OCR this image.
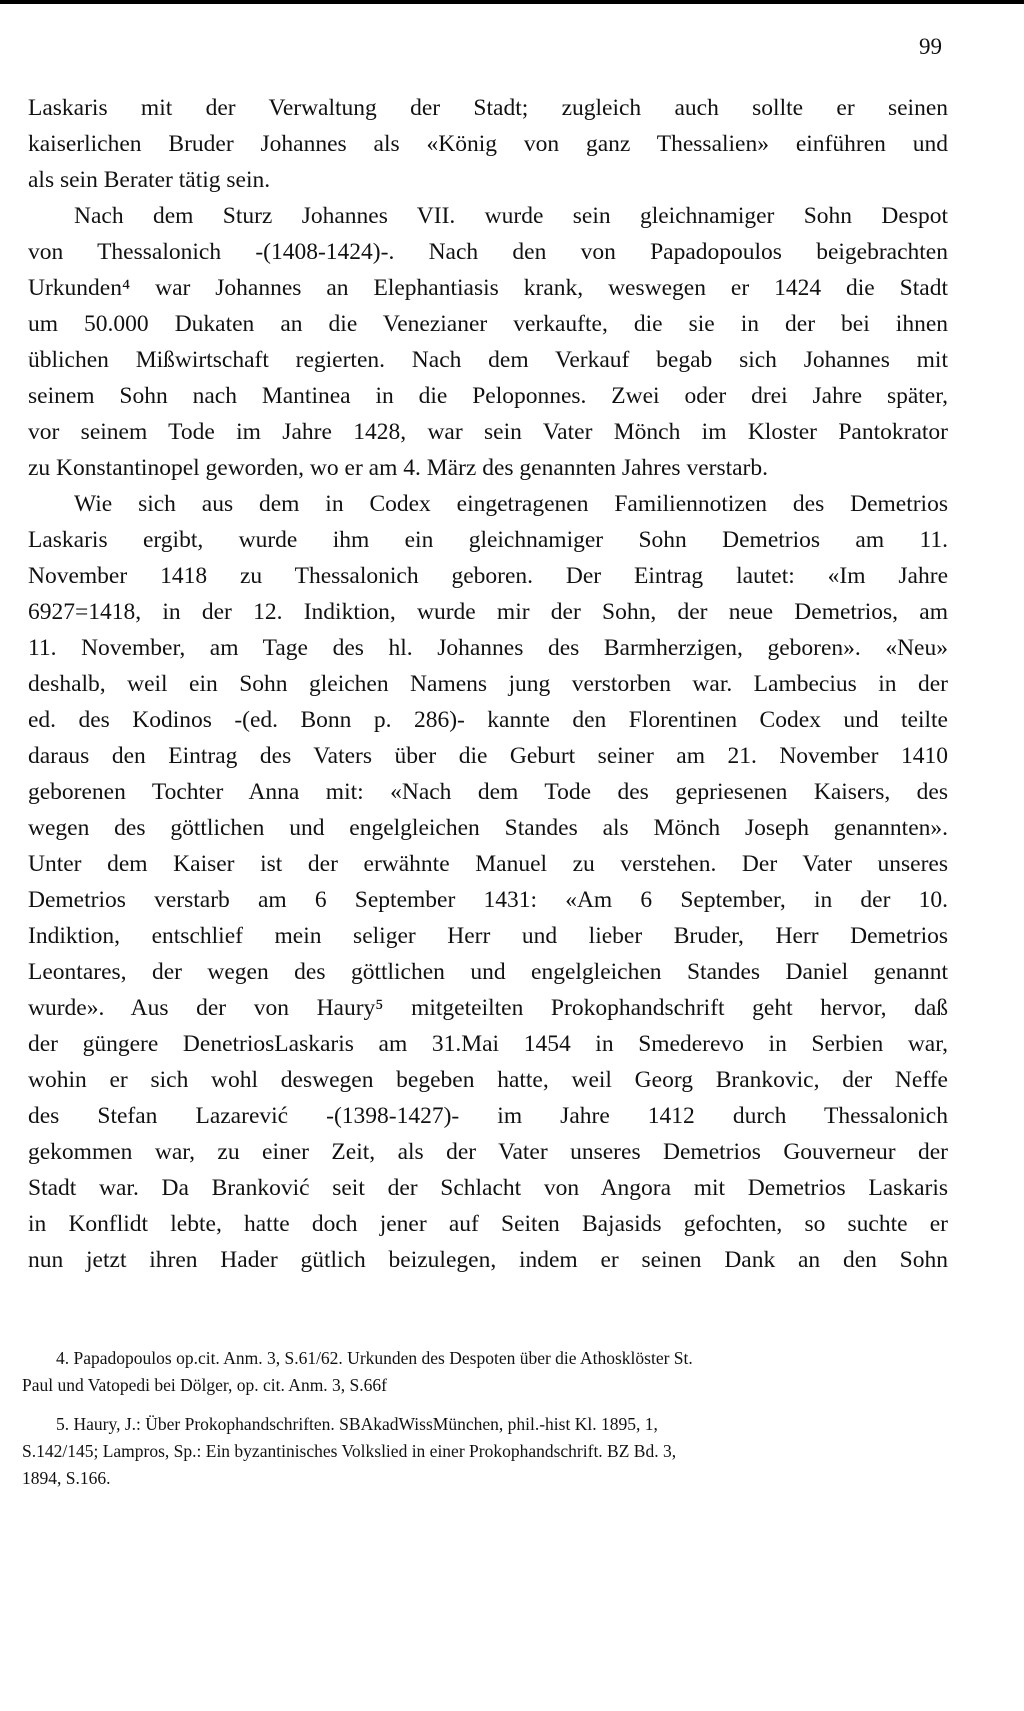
99
Laskaris mit der Verwaltung der Stadt; zugleich auch sollte er seinen
kaiserlichen Bruder Johannes als «König von ganz Thessalien» einführen und
als sein Berater tätig sein.
Nach dem Sturz Johannes VII. wurde sein gleichnamiger Sohn Despot
von Thessalonich -(1408-1424)-. Nach den von Papadopoulos beigebrachten
Urkunden⁴ war Johannes an Elephantiasis krank, weswegen er 1424 die Stadt
um 50.000 Dukaten an die Venezianer verkaufte, die sie in der bei ihnen
üblichen Mißwirtschaft regierten. Nach dem Verkauf begab sich Johannes mit
seinem Sohn nach Mantinea in die Peloponnes. Zwei oder drei Jahre später,
vor seinem Tode im Jahre 1428, war sein Vater Mönch im Kloster Pantokrator
zu Konstantinopel geworden, wo er am 4. März des genannten Jahres verstarb.
Wie sich aus dem in Codex eingetragenen Familiennotizen des Demetrios
Laskaris ergibt, wurde ihm ein gleichnamiger Sohn Demetrios am 11.
November 1418 zu Thessalonich geboren. Der Eintrag lautet: «Im Jahre
6927=1418, in der 12. Indiktion, wurde mir der Sohn, der neue Demetrios, am
11. November, am Tage des hl. Johannes des Barmherzigen, geboren». «Neu»
deshalb, weil ein Sohn gleichen Namens jung verstorben war. Lambecius in der
ed. des Kodinos -(ed. Bonn p. 286)- kannte den Florentinen Codex und teilte
daraus den Eintrag des Vaters über die Geburt seiner am 21. November 1410
geborenen Tochter Anna mit: «Nach dem Tode des gepriesenen Kaisers, des
wegen des göttlichen und engelgleichen Standes als Mönch Joseph genannten».
Unter dem Kaiser ist der erwähnte Manuel zu verstehen. Der Vater unseres
Demetrios verstarb am 6 September 1431: «Am 6 September, in der 10.
Indiktion, entschlief mein seliger Herr und lieber Bruder, Herr Demetrios
Leontares, der wegen des göttlichen und engelgleichen Standes Daniel genannt
wurde». Aus der von Haury⁵ mitgeteilten Prokophandschrift geht hervor, daß
der güngere DenetriosLaskaris am 31.Mai 1454 in Smederevo in Serbien war,
wohin er sich wohl deswegen begeben hatte, weil Georg Brankovic, der Neffe
des Stefan Lazarević -(1398-1427)- im Jahre 1412 durch Thessalonich
gekommen war, zu einer Zeit, als der Vater unseres Demetrios Gouverneur der
Stadt war. Da Branković seit der Schlacht von Angora mit Demetrios Laskaris
in Konflidt lebte, hatte doch jener auf Seiten Bajasids gefochten, so suchte er
nun jetzt ihren Hader gütlich beizulegen, indem er seinen Dank an den Sohn
4. Papadopoulos op.cit. Anm. 3, S.61/62. Urkunden des Despoten über die Athosklöster St.
Paul und Vatopedi bei Dölger, op. cit. Anm. 3, S.66f
5. Haury, J.: Über Prokophandschriften. SBAkadWissMünchen, phil.-hist Kl. 1895, 1,
S.142/145; Lampros, Sp.: Ein byzantinisches Volkslied in einer Prokophandschrift. BZ Bd. 3,
1894, S.166.
